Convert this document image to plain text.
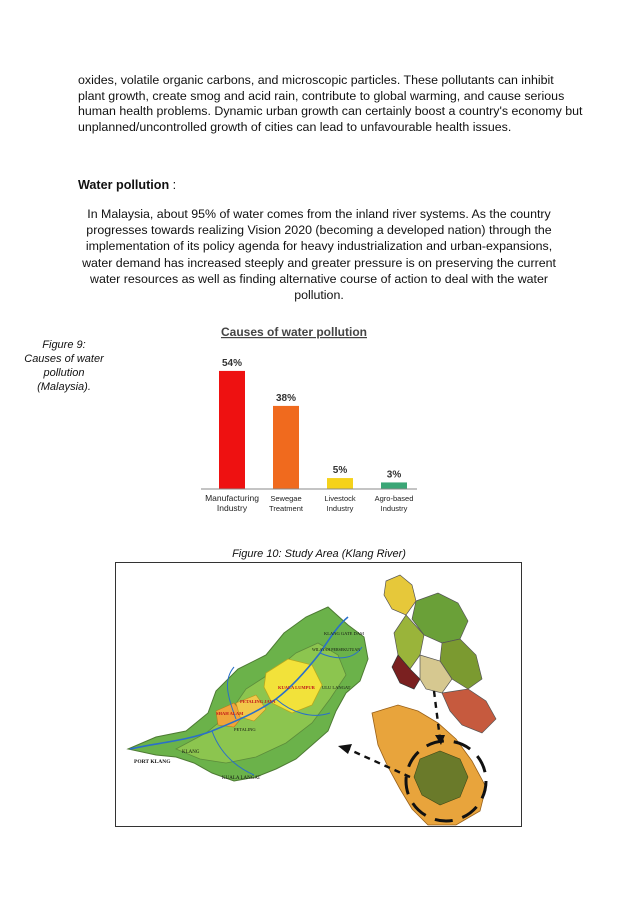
oxides, volatile organic carbons, and microscopic particles. These pollutants can inhibit plant growth, create smog and acid rain, contribute to global warming, and cause serious human health problems. Dynamic urban growth can certainly boost a country's economy but unplanned/uncontrolled growth of cities can lead to unfavourable health issues.

Water pollution :

In Malaysia, about 95% of water comes from the inland river systems. As the country progresses towards realizing Vision 2020 (becoming a developed nation) through the implementation of its policy agenda for heavy industrialization and urban-expansions, water demand has increased steeply and greater pressure is on preserving the current water resources as well as finding alternative course of action to deal with the water pollution.

Figure 9:
Causes of water
pollution
(Malaysia).
Causes of water pollution
54%
Manufacturing
Industry
38%
Sewegae
Treatment
5%
Livestock
Industry
3%
Agro-based
Industry
Figure 10: Study Area (Klang River)
PORT KLANG
KLANG
KUALA LANGAT
SHAH ALAM
PETALING JAYA
PETALING
KUALA LUMPUR ULU LANGAT
KLANG GATE DAM
WILAYAH PERSEKUTUAN
